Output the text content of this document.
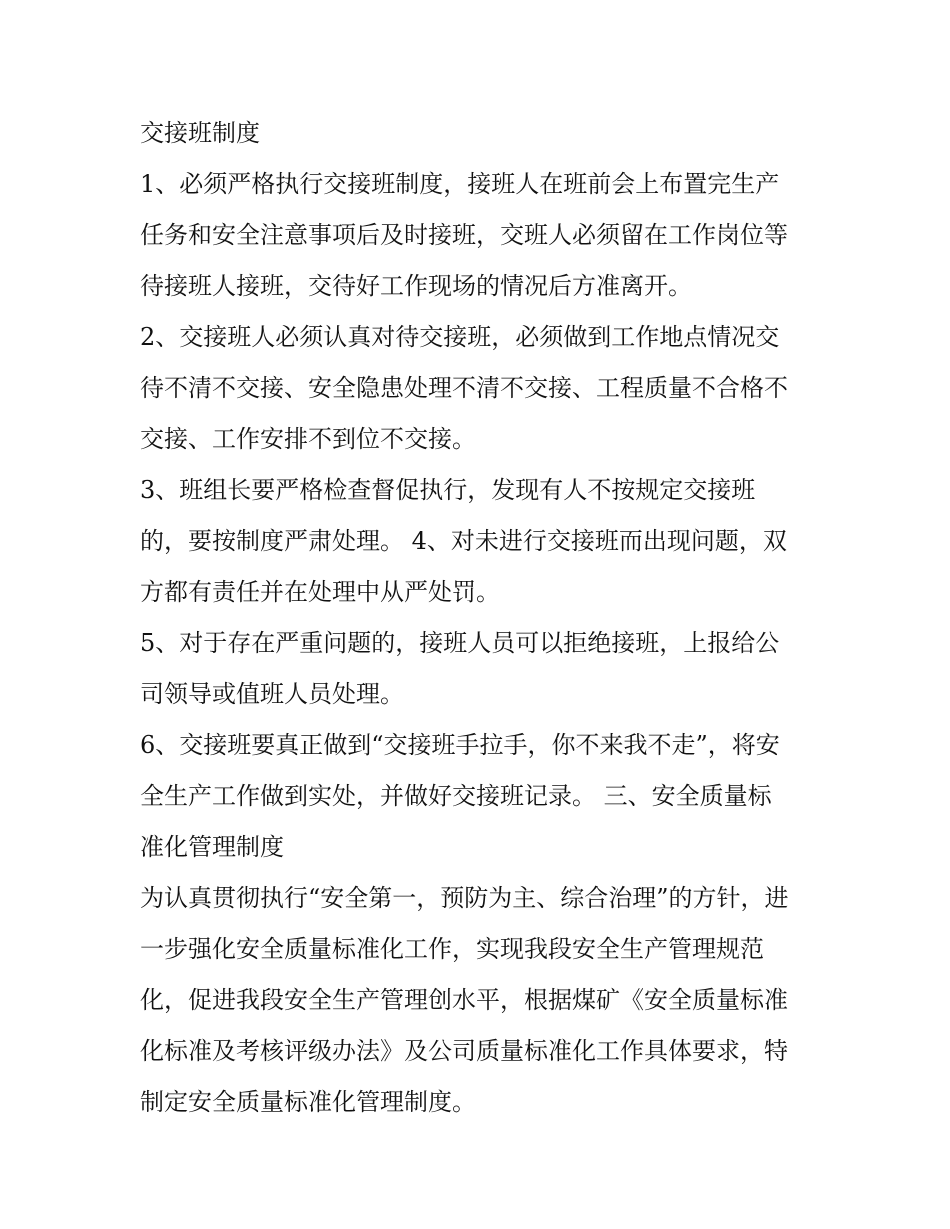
交接班制度
1、必须严格执行交接班制度，接班人在班前会上布置完生产
任务和安全注意事项后及时接班，交班人必须留在工作岗位等
待接班人接班，交待好工作现场的情况后方准离开。
2、交接班人必须认真对待交接班，必须做到工作地点情况交
待不清不交接、安全隐患处理不清不交接、工程质量不合格不
交接、工作安排不到位不交接。
3、班组长要严格检查督促执行，发现有人不按规定交接班
的，要按制度严肃处理。 4、对未进行交接班而出现问题，双
方都有责任并在处理中从严处罚。
5、对于存在严重问题的，接班人员可以拒绝接班，上报给公
司领导或值班人员处理。
6、交接班要真正做到“交接班手拉手，你不来我不走”，将安
全生产工作做到实处，并做好交接班记录。 三、安全质量标
准化管理制度
为认真贯彻执行“安全第一，预防为主、综合治理”的方针，进
一步强化安全质量标准化工作，实现我段安全生产管理规范
化，促进我段安全生产管理创水平，根据煤矿《安全质量标准
化标准及考核评级办法》及公司质量标准化工作具体要求，特
制定安全质量标准化管理制度。
